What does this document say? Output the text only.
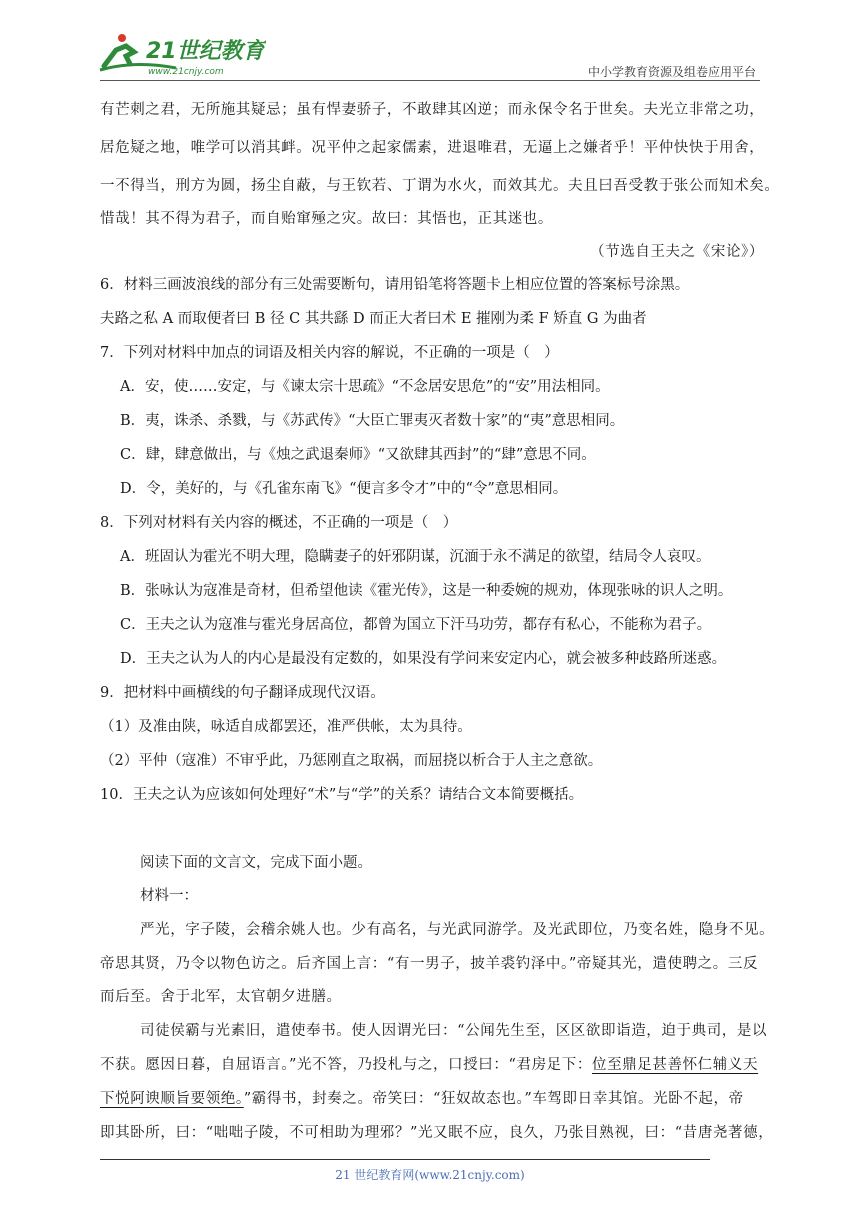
21世纪教育
www.21cnjy.com	中小学教育资源及组卷应用平台
有芒刺之君，无所施其疑忌；虽有悍妻骄子，不敢肆其凶逆；而永保令名于世矣。夫光立非常之功，
居危疑之地，唯学可以消其衅。况平仲之起家儒素，进退唯君，无逼上之嫌者乎！平仲快快于用舍，
一不得当，刑方为圆，扬尘自蔽，与王钦若、丁谓为水火，而效其尤。夫且曰吾受教于张公而知术矣。
惜哉！其不得为君子，而自贻窜殛之灾。故曰：其悟也，正其迷也。
（节选自王夫之《宋论》）
6．材料三画波浪线的部分有三处需要断句，请用铅笔将答题卡上相应位置的答案标号涂黑。
夫路之私 A 而取便者曰 B 径 C 其共繇 D 而正大者曰术 E 摧刚为柔 F 矫直 G 为曲者
7．下列对材料中加点的词语及相关内容的解说，不正确的一项是（　）
A．安，使……安定，与《谏太宗十思疏》“不念居安思危”的“安”用法相同。
B．夷，诛杀、杀戮，与《苏武传》“大臣亡罪夷灭者数十家”的“夷”意思相同。
C．肆，肆意做出，与《烛之武退秦师》“又欲肆其西封”的“肆”意思不同。
D．令，美好的，与《孔雀东南飞》“便言多令才”中的“令”意思相同。
8．下列对材料有关内容的概述，不正确的一项是（　）
A．班固认为霍光不明大理，隐瞒妻子的奸邪阴谋，沉湎于永不满足的欲望，结局令人哀叹。
B．张咏认为寇准是奇材，但希望他读《霍光传》，这是一种委婉的规劝，体现张咏的识人之明。
C．王夫之认为寇准与霍光身居高位，都曾为国立下汗马功劳，都存有私心，不能称为君子。
D．王夫之认为人的内心是最没有定数的，如果没有学问来安定内心，就会被多种歧路所迷惑。
9．把材料中画横线的句子翻译成现代汉语。
（1）及准由陕，咏适自成都罢还，准严供帐，太为具待。
（2）平仲（寇准）不审乎此，乃惩刚直之取祸，而屈挠以析合于人主之意欲。
10．王夫之认为应该如何处理好“术”与“学”的关系？请结合文本简要概括。
阅读下面的文言文，完成下面小题。
材料一：
严光，字子陵，会稽余姚人也。少有高名，与光武同游学。及光武即位，乃变名姓，隐身不见。
帝思其贤，乃令以物色访之。后齐国上言：“有一男子，披羊裘钓泽中。”帝疑其光，遣使聘之。三反
而后至。舍于北军，太官朝夕进膳。
司徒侯霸与光素旧，遣使奉书。使人因谓光曰：“公闻先生至，区区欲即诣造，迫于典司，是以
不获。愿因日暮，自屈语言。”光不答，乃投札与之，口授曰：“君房足下：位至鼎足甚善怀仁辅义天
下悦阿谀顺旨要领绝。”霸得书，封奏之。帝笑曰：“狂奴故态也。”车驾即日幸其馆。光卧不起，帝
即其卧所，曰：“咄咄子陵，不可相助为理邪？”光又眠不应，良久，乃张目熟视，曰：“昔唐尧著德，
21 世纪教育网(www.21cnjy.com)
